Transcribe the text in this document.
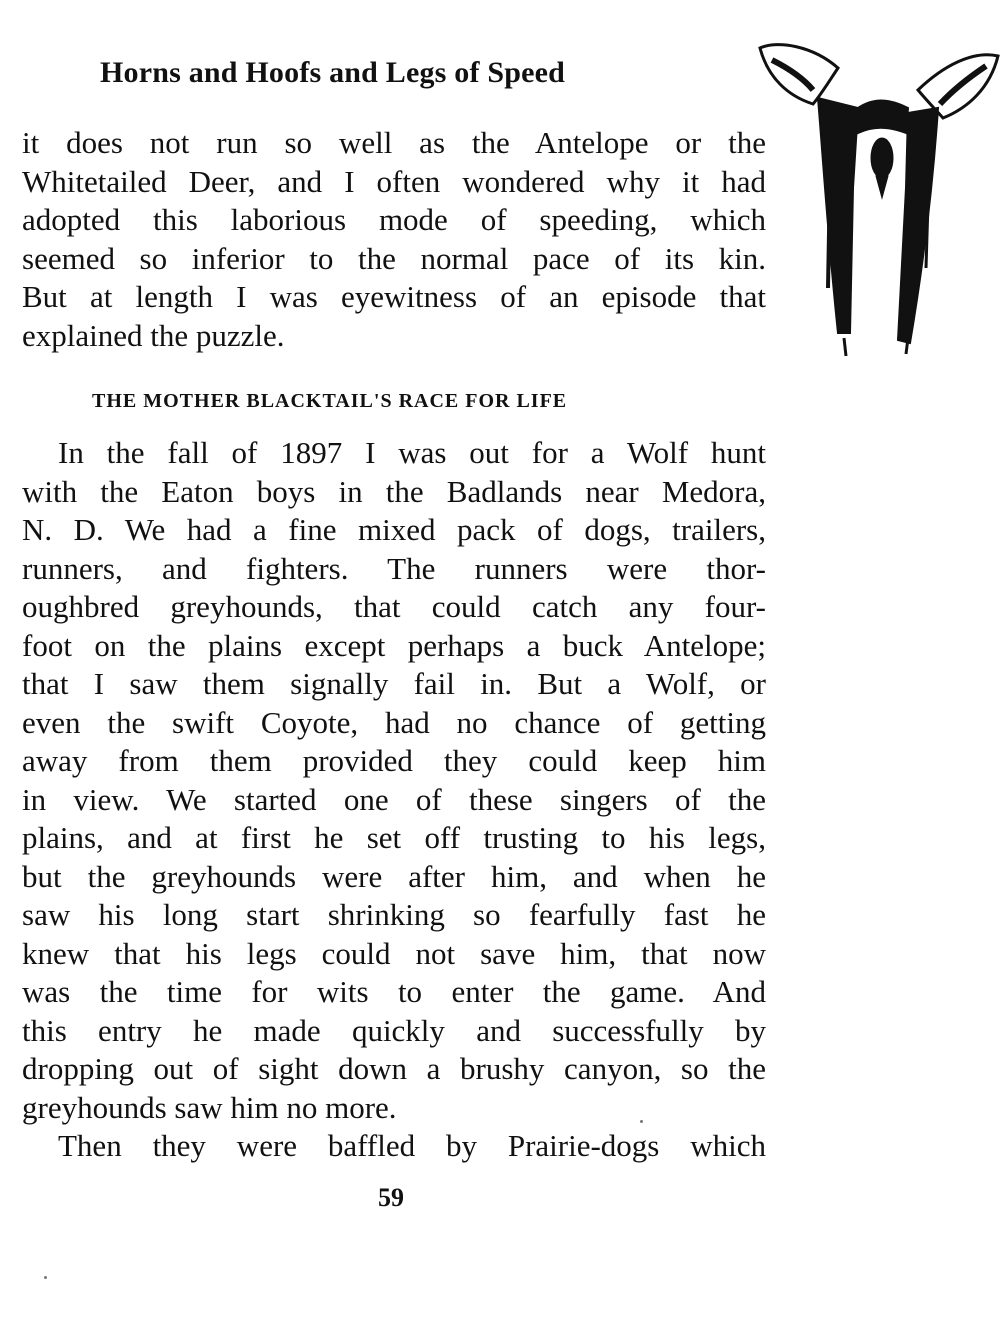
Horns and Hoofs and Legs of Speed
it does not run so well as the Antelope or the
Whitetailed Deer, and I often wondered why it had
adopted this laborious mode of speeding, which
seemed so inferior to the normal pace of its kin.
But at length I was eyewitness of an episode that
explained the puzzle.
THE MOTHER BLACKTAIL'S RACE FOR LIFE
In the fall of 1897 I was out for a Wolf hunt
with the Eaton boys in the Badlands near Medora,
N. D. We had a fine mixed pack of dogs, trailers,
runners, and fighters. The runners were thor-
oughbred greyhounds, that could catch any four-
foot on the plains except perhaps a buck Antelope;
that I saw them signally fail in. But a Wolf, or
even the swift Coyote, had no chance of getting
away from them provided they could keep him
in view. We started one of these singers of the
plains, and at first he set off trusting to his legs,
but the greyhounds were after him, and when he
saw his long start shrinking so fearfully fast he
knew that his legs could not save him, that now
was the time for wits to enter the game. And
this entry he made quickly and successfully by
dropping out of sight down a brushy canyon, so the
greyhounds saw him no more.
Then they were baffled by Prairie-dogs which
59
